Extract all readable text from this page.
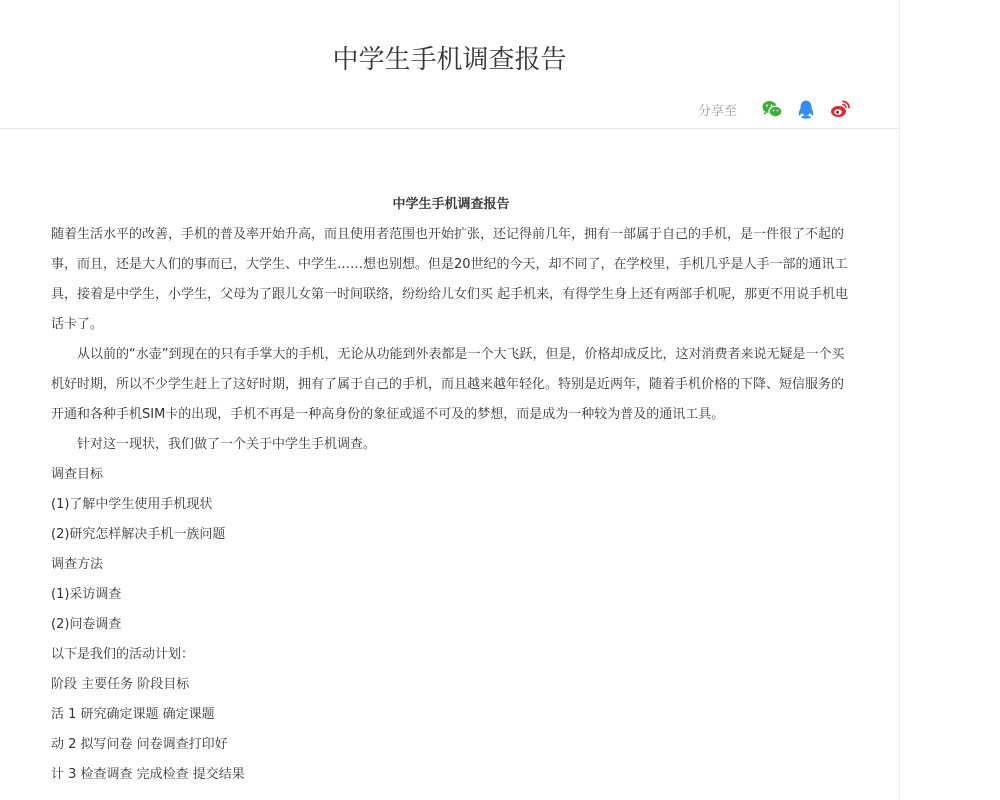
中学生手机调查报告
分享至

中学生手机调查报告

随着生活水平的改善，手机的普及率开始升高，而且使用者范围也开始扩张，还记得前几年，拥有一部属于自己的手机，是一件很了不起的事，而且，还是大人们的事而已，大学生、中学生……想也别想。但是20世纪的今天，却不同了，在学校里，手机几乎是人手一部的通讯工具，接着是中学生，小学生，父母为了跟儿女第一时间联络，纷纷给儿女们买 起手机来，有得学生身上还有两部手机呢，那更不用说手机电话卡了。

从以前的“水壶”到现在的只有手掌大的手机，无论从功能到外表都是一个大飞跃，但是，价格却成反比，这对消费者来说无疑是一个买机好时期，所以不少学生赶上了这好时期，拥有了属于自己的手机，而且越来越年轻化。特别是近两年，随着手机价格的下降、短信服务的开通和各种手机SIM卡的出现，手机不再是一种高身份的象征或遥不可及的梦想，而是成为一种较为普及的通讯工具。

针对这一现状，我们做了一个关于中学生手机调查。

调查目标

(1)了解中学生使用手机现状

(2)研究怎样解决手机一族问题

调查方法

(1)采访调查

(2)问卷调查

以下是我们的活动计划：

阶段 主要任务 阶段目标

活 1 研究确定课题 确定课题

动 2 拟写问卷 问卷调查打印好

计 3 检查调查 完成检查 提交结果
